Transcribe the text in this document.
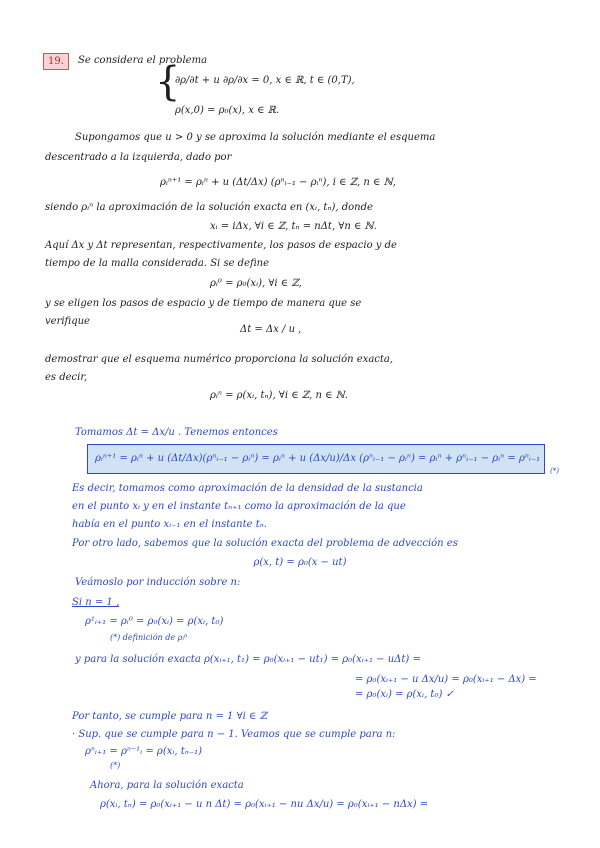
19.	Se considera el problema
{
∂ρ/∂t + u ∂ρ/∂x = 0, x ∈ ℝ, t ∈ (0,T),
ρ(x,0) = ρ₀(x), x ∈ ℝ.
Supongamos que u > 0 y se aproxima la solución mediante el esquema
descentrado a la izquierda, dado por
ρᵢⁿ⁺¹ = ρᵢⁿ + u (Δt/Δx) (ρⁿᵢ₋₁ − ρᵢⁿ), i ∈ ℤ, n ∈ ℕ,
siendo ρᵢⁿ la aproximación de la solución exacta en (xᵢ, tₙ), donde
xᵢ = iΔx, ∀i ∈ ℤ, tₙ = nΔt, ∀n ∈ ℕ.
Aquí Δx y Δt representan, respectivamente, los pasos de espacio y de
tiempo de la malla considerada. Si se define
ρᵢ⁰ = ρ₀(xᵢ), ∀i ∈ ℤ,
y se eligen los pasos de espacio y de tiempo de manera que se
verifique
Δt = Δx / u ,
demostrar que el esquema numérico proporciona la solución exacta,
es decir,
ρᵢⁿ = ρ(xᵢ, tₙ), ∀i ∈ ℤ, n ∈ ℕ.
Tomamos Δt = Δx/u . Tenemos entonces
ρᵢⁿ⁺¹ = ρᵢⁿ + u (Δt/Δx)(ρⁿᵢ₋₁ − ρᵢⁿ) = ρᵢⁿ + u (Δx/u)/Δx (ρⁿᵢ₋₁ − ρᵢⁿ) = ρᵢⁿ + ρⁿᵢ₋₁ − ρᵢⁿ = ρⁿᵢ₋₁
(*)
Es decir, tomamos como aproximación de la densidad de la sustancia
en el punto xᵢ y en el instante tₙ₊₁ como la aproximación de la que
había en el punto xᵢ₋₁ en el instante tₙ.
Por otro lado, sabemos que la solución exacta del problema de advección es
ρ(x, t) = ρ₀(x − ut)
Veámoslo por inducción sobre n:
Si n = 1 ,
ρ¹ᵢ₊₁ = ρᵢ⁰ = ρ₀(xᵢ) = ρ(xᵢ, t₀)
(*) definición de ρᵢ⁰
y para la solución exacta ρ(xᵢ₊₁, t₁) = ρ₀(xᵢ₊₁ − ut₁) = ρ₀(xᵢ₊₁ − uΔt) =
= ρ₀(xᵢ₊₁ − u Δx/u) = ρ₀(xᵢ₊₁ − Δx) =
= ρ₀(xᵢ) = ρ(xᵢ, t₀) ✓
Por tanto, se cumple para n = 1 ∀i ∈ ℤ
· Sup. que se cumple para n − 1. Veamos que se cumple para n:
ρⁿᵢ₊₁ = ρⁿ⁻¹ᵢ = ρ(xᵢ, tₙ₋₁)
(*)
Ahora, para la solución exacta
ρ(xᵢ, tₙ) = ρ₀(xᵢ₊₁ − u n Δt) = ρ₀(xᵢ₊₁ − nu Δx/u) = ρ₀(xᵢ₊₁ − nΔx) =
